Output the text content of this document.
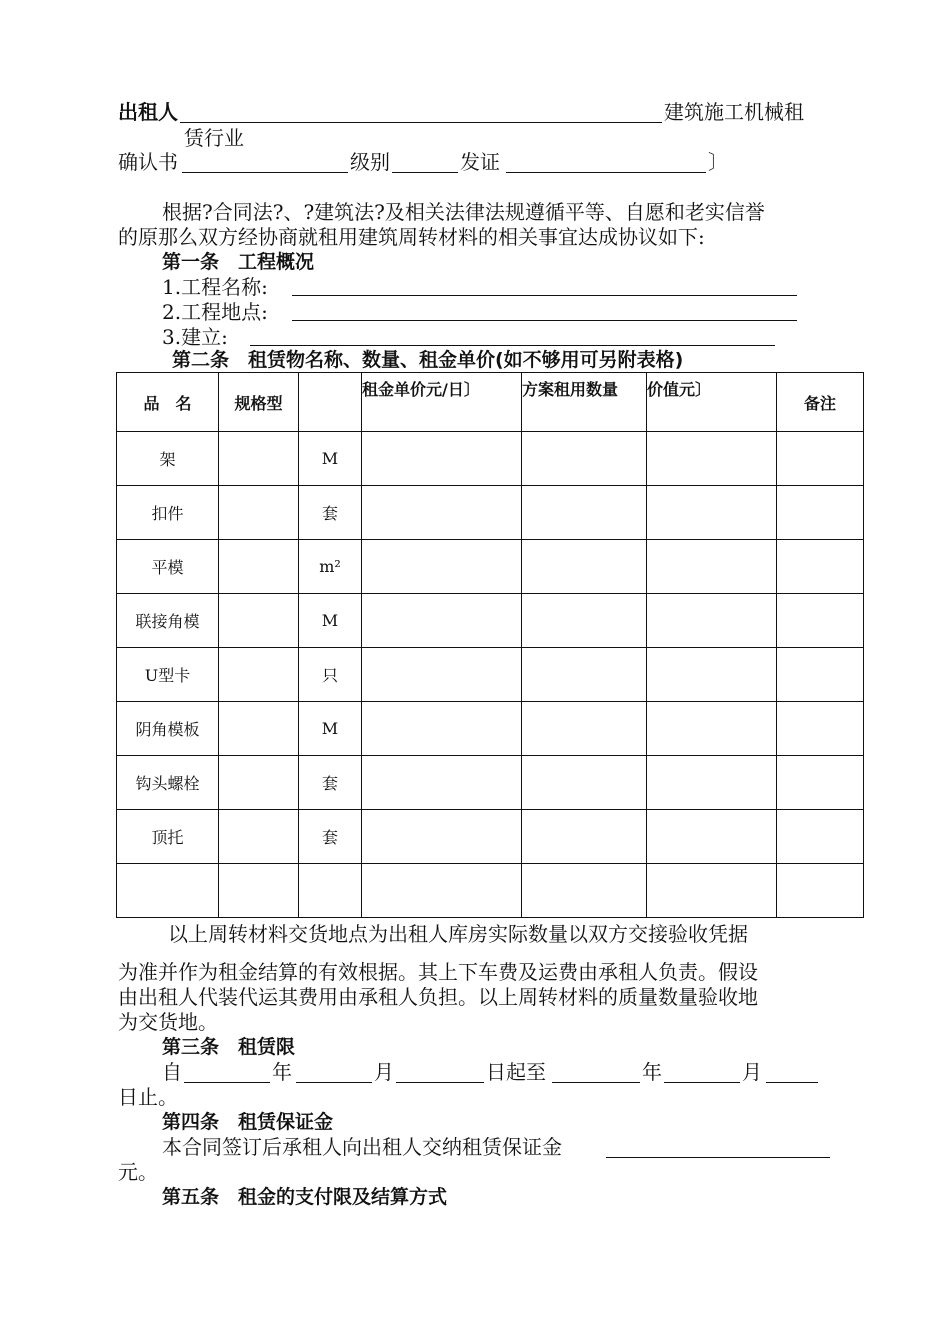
出租人	建筑施工机械租
赁行业
确认书	级别	发证	〕
根据?合同法?、?建筑法?及相关法律法规遵循平等、自愿和老实信誉
的原那么双方经协商就租用建筑周转材料的相关事宜达成协议如下:
第一条　工程概况
1.工程名称:
2.工程地点:
3.建立:
第二条　租赁物名称、数量、租金单价(如不够用可另附表格)
品　名	规格型		租金单价元/日〕	方案租用数量	价值元〕	备注
架		M				
扣件		套				
平模		m²				
联接角模		M				
U型卡		只				
阴角模板		M				
钩头螺栓		套				
顶托		套				

以上周转材料交货地点为出租人库房实际数量以双方交接验收凭据
为准并作为租金结算的有效根据。其上下车费及运费由承租人负责。假设
由出租人代装代运其费用由承租人负担。以上周转材料的质量数量验收地
为交货地。
第三条　租赁限
自	年	月	日起至	年	月
日止。
第四条　租赁保证金
本合同签订后承租人向出租人交纳租赁保证金
元。
第五条　租金的支付限及结算方式
